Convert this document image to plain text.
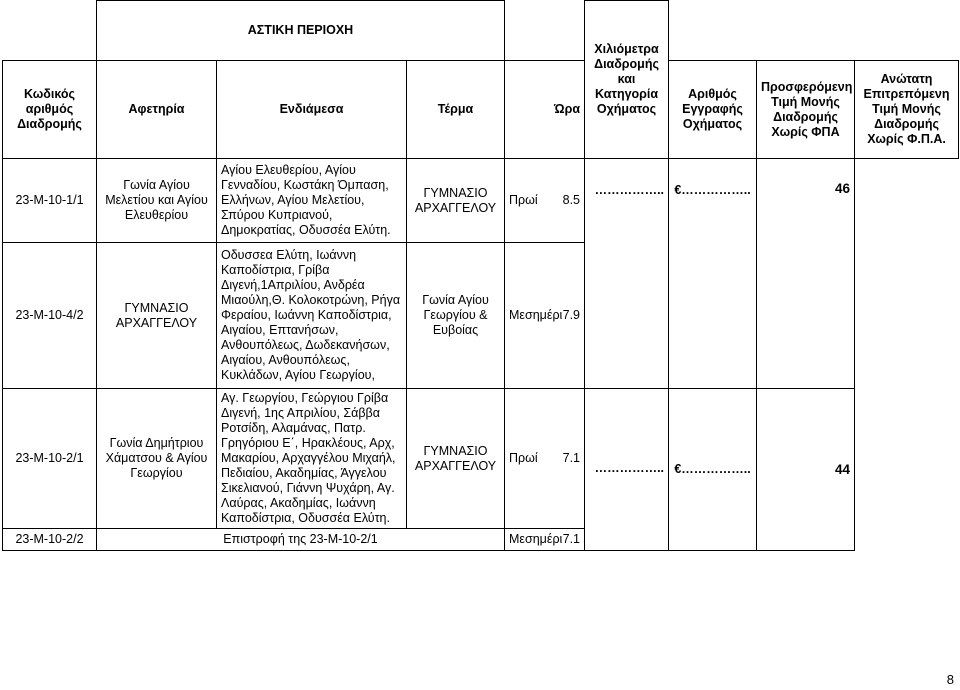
	ΑΣΤΙΚΗ ΠΕΡΙΟΧΗ				Χιλιόμετρα Διαδρομής και Κατηγορία Οχήματος			
Κωδικός αριθμός Διαδρομής	Αφετηρία	Ενδιάμεσα	Τέρμα	Ώρα		Αριθμός Εγγραφής Οχήματος	Προσφερόμενη Τιμή Μονής Διαδρομής Χωρίς ΦΠΑ	Ανώτατη Επιτρεπόμενη Τιμή Μονής Διαδρομής Χωρίς Φ.Π.Α.
23-Μ-10-1/1	Γωνία Αγίου Μελετίου και Αγίου Ελευθερίου	Αγίου Ελευθερίου, Αγίου Γενναδίου, Κωστάκη Όμπαση, Ελλήνων, Αγίου Μελετίου, Σπύρου Κυπριανού, Δημοκρατίας, Οδυσσέα Ελύτη.	ΓΥΜΝΑΣΙΟ ΑΡΧΑΓΓΕΛΟΥ	Πρωί 8.5	……………..	€……………..	46	
23-Μ-10-4/2	ΓΥΜΝΑΣΙΟ ΑΡΧΑΓΓΕΛΟΥ	Οδυσσεα Ελύτη, Ιωάννη Καποδίστρια, Γρίβα Διγενή,1Απριλίου, Ανδρέα Μιαούλη,Θ. Κολοκοτρώνη, Ρήγα Φεραίου, Ιωάννη Καποδίστρια, Αιγαίου, Επτανήσων, Ανθουπόλεως, Δωδεκανήσων, Αιγαίου, Ανθουπόλεως, Κυκλάδων, Αγίου Γεωργίου,	Γωνία Αγίου Γεωργίου & Ευβοίας	Μεσημέρι 7.9				

23-Μ-10-2/1	Γωνία Δημήτριου Χάματσου & Αγίου Γεωργίου	Αγ. Γεωργίου, Γεώργιου Γρίβα Διγενή, 1ης Απριλίου, Σάββα Ροτσίδη, Αλαμάνας, Πατρ. Γρηγόριου Ε΄, Ηρακλέους, Αρχ, Μακαρίου, Αρχαγγέλου Μιχαήλ, Πεδιαίου, Ακαδημίας, Άγγελου Σικελιανού, Γιάννη Ψυχάρη, Αγ. Λαύρας, Ακαδημίας, Ιωάννη Καποδίστρια, Οδυσσέα Ελύτη.	ΓΥΜΝΑΣΙΟ ΑΡΧΑΓΓΕΛΟΥ	Πρωί 7.1	……………..	€……………..	44	
23-Μ-10-2/2	Επιστροφή της 23-Μ-10-2/1			Μεσημέρι 7.1				
8
